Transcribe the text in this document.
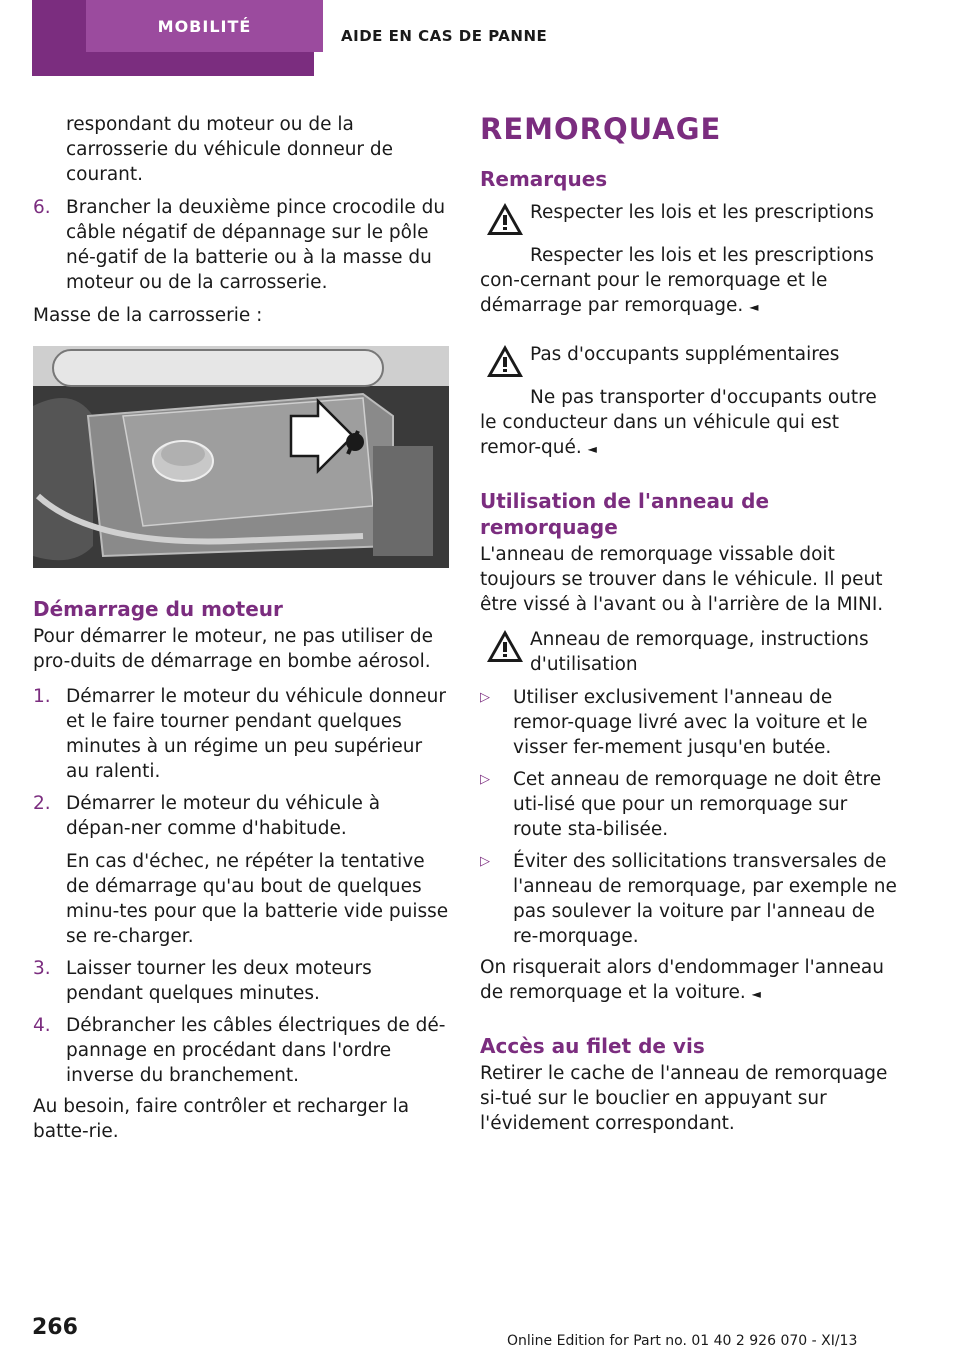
MOBILITÉ
AIDE EN CAS DE PANNE

respondant du moteur ou de la carrosserie du véhicule donneur de courant.

6. Brancher la deuxième pince crocodile du câble négatif de dépannage sur le pôle né-gatif de la batterie ou à la masse du moteur ou de la carrosserie.

Masse de la carrosserie :

Démarrage du moteur

Pour démarrer le moteur, ne pas utiliser de pro-duits de démarrage en bombe aérosol.

1. Démarrer le moteur du véhicule donneur et le faire tourner pendant quelques minutes à un régime un peu supérieur au ralenti.
2. Démarrer le moteur du véhicule à dépan-ner comme d'habitude.
En cas d'échec, ne répéter la tentative de démarrage qu'au bout de quelques minu-tes pour que la batterie vide puisse se re-charger.
3. Laisser tourner les deux moteurs pendant quelques minutes.
4. Débrancher les câbles électriques de dé-pannage en procédant dans l'ordre inverse du branchement.

Au besoin, faire contrôler et recharger la batte-rie.

REMORQUAGE
Remarques

Respecter les lois et les prescriptions

Respecter les lois et les prescriptions con-cernant pour le remorquage et le démarrage par remorquage. ◄

Pas d'occupants supplémentaires

Ne pas transporter d'occupants outre le conducteur dans un véhicule qui est remor-qué. ◄

Utilisation de l'anneau de remorquage

L'anneau de remorquage vissable doit toujours se trouver dans le véhicule. Il peut être vissé à l'avant ou à l'arrière de la MINI.

Anneau de remorquage, instructions d'utilisation

▷	Utiliser exclusivement l'anneau de remor-quage livré avec la voiture et le visser fer-mement jusqu'en butée.
▷	Cet anneau de remorquage ne doit être uti-lisé que pour un remorquage sur route sta-bilisée.
▷	Éviter des sollicitations transversales de l'anneau de remorquage, par exemple ne pas soulever la voiture par l'anneau de re-morquage.

On risquerait alors d'endommager l'anneau de remorquage et la voiture. ◄

Accès au filet de vis

Retirer le cache de l'anneau de remorquage si-tué sur le bouclier en appuyant sur l'évidement correspondant.

266
Online Edition for Part no. 01 40 2 926 070 - XI/13
